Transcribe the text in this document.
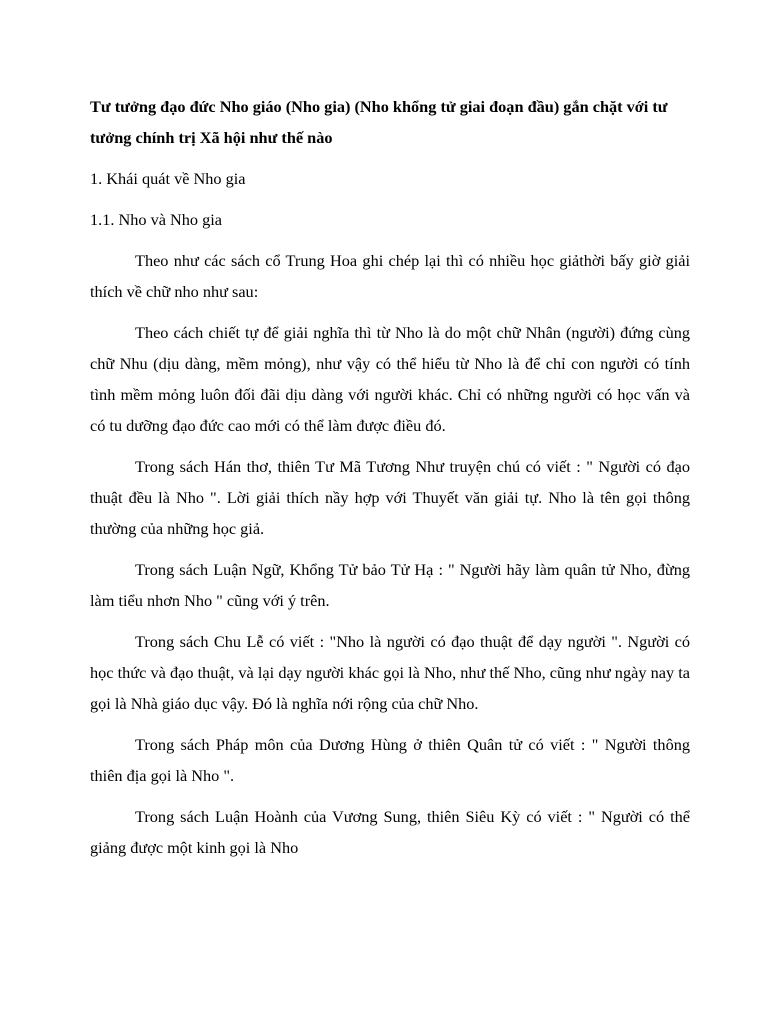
Tư tưởng đạo đức Nho giáo (Nho gia) (Nho khổng tử giai đoạn đầu) gắn chặt với tư tưởng chính trị Xã hội như thế nào
1. Khái quát về Nho gia
1.1. Nho và Nho gia

Theo như các sách cổ Trung Hoa ghi chép lại thì có nhiều học giảthời bấy giờ giải thích về chữ nho như sau:

Theo cách chiết tự để giải nghĩa thì từ Nho là do một chữ Nhân (người) đứng cùng chữ Nhu (dịu dàng, mềm mỏng), như vậy có thể hiểu từ Nho là để chỉ con người có tính tình mềm mỏng luôn đối đãi dịu dàng với người khác. Chỉ có những người có học vấn và có tu dưỡng đạo đức cao mới có thể làm được điều đó.

Trong sách Hán thơ, thiên Tư Mã Tương Như truyện chú có viết : " Người có đạo thuật đều là Nho ". Lời giải thích nầy hợp với Thuyết văn giải tự. Nho là tên gọi thông thường của những học giả.

Trong sách Luận Ngữ, Khổng Tử bảo Tử Hạ : " Người hãy làm quân tử Nho, đừng làm tiểu nhơn Nho " cũng với ý trên.

Trong sách Chu Lễ có viết : "Nho là người có đạo thuật để dạy người ". Người có học thức và đạo thuật, và lại dạy người khác gọi là Nho, như thế Nho, cũng như ngày nay ta gọi là Nhà giáo dục vậy. Đó là nghĩa nới rộng của chữ Nho.

Trong sách Pháp môn của Dương Hùng ở thiên Quân tử có viết : " Người thông thiên địa gọi là Nho ".

Trong sách Luận Hoành của Vương Sung, thiên Siêu Kỳ có viết : " Người có thể giảng được một kinh gọi là Nho
